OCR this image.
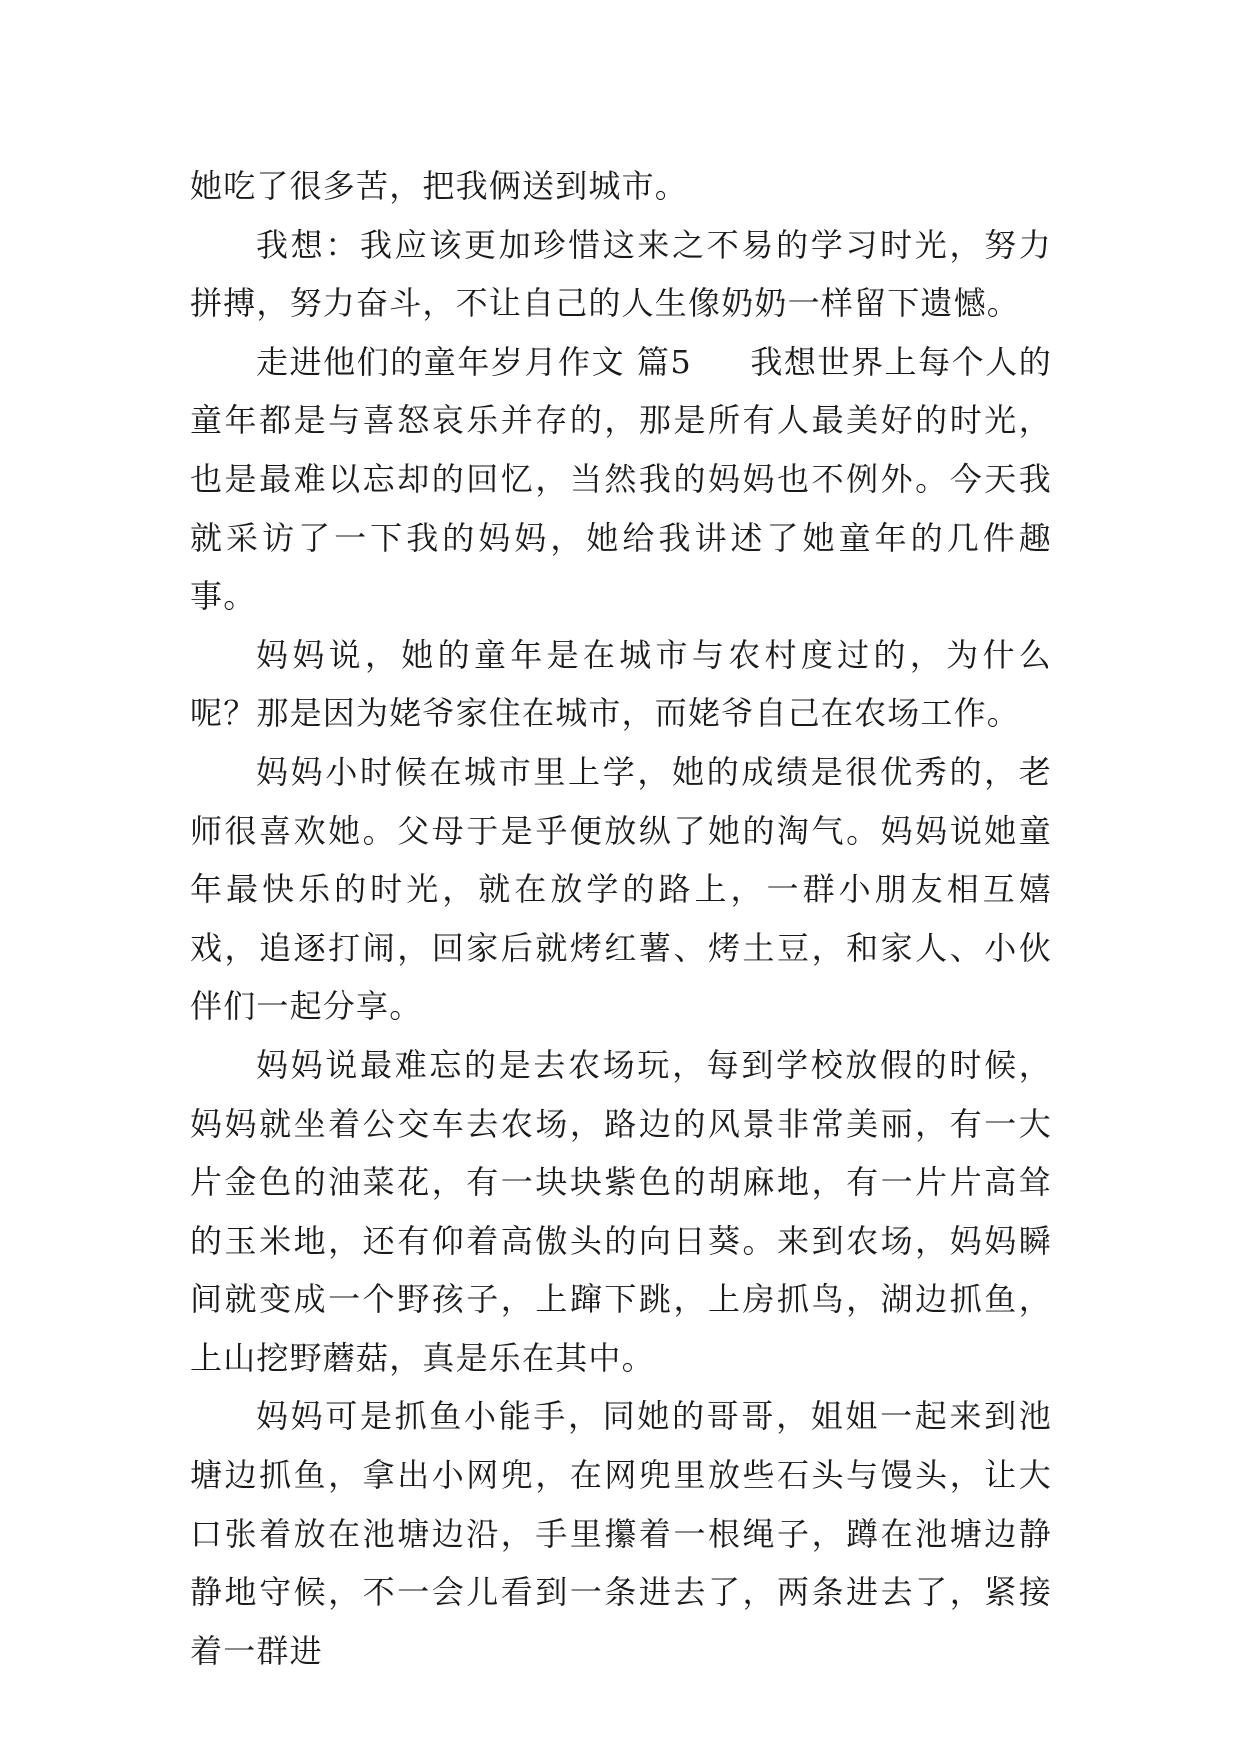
她吃了很多苦，把我俩送到城市。

我想：我应该更加珍惜这来之不易的学习时光，努力拼搏，努力奋斗，不让自己的人生像奶奶一样留下遗憾。

走进他们的童年岁月作文 篇5 我想世界上每个人的童年都是与喜怒哀乐并存的，那是所有人最美好的时光，也是最难以忘却的回忆，当然我的妈妈也不例外。今天我就采访了一下我的妈妈，她给我讲述了她童年的几件趣事。

妈妈说，她的童年是在城市与农村度过的，为什么呢？那是因为姥爷家住在城市，而姥爷自己在农场工作。

妈妈小时候在城市里上学，她的成绩是很优秀的，老师很喜欢她。父母于是乎便放纵了她的淘气。妈妈说她童年最快乐的时光，就在放学的路上，一群小朋友相互嬉戏，追逐打闹，回家后就烤红薯、烤土豆，和家人、小伙伴们一起分享。

妈妈说最难忘的是去农场玩，每到学校放假的时候，妈妈就坐着公交车去农场，路边的风景非常美丽，有一大片金色的油菜花，有一块块紫色的胡麻地，有一片片高耸的玉米地，还有仰着高傲头的向日葵。来到农场，妈妈瞬间就变成一个野孩子，上蹿下跳，上房抓鸟，湖边抓鱼，上山挖野蘑菇，真是乐在其中。

妈妈可是抓鱼小能手，同她的哥哥，姐姐一起来到池塘边抓鱼，拿出小网兜，在网兜里放些石头与馒头，让大口张着放在池塘边沿，手里攥着一根绳子，蹲在池塘边静静地守候，不一会儿看到一条进去了，两条进去了，紧接着一群进
